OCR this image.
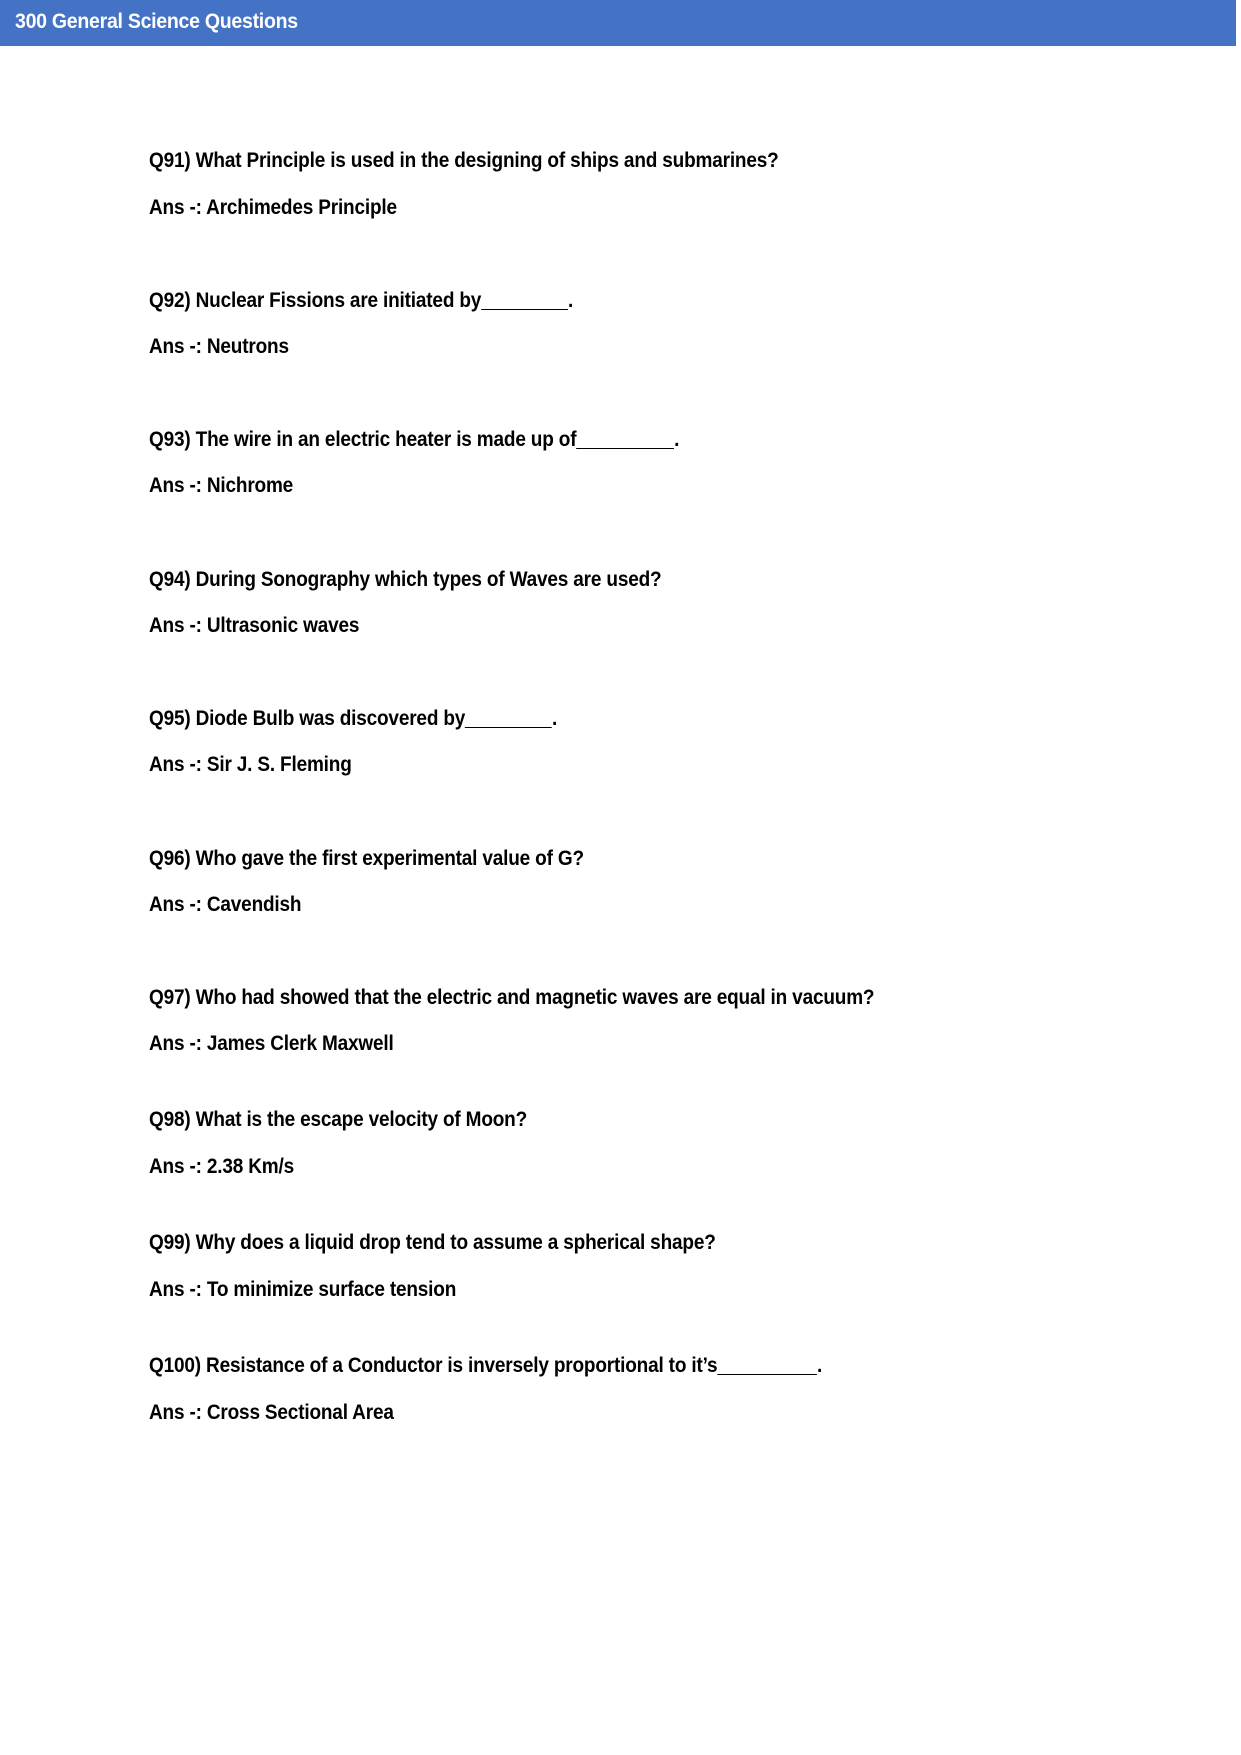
300 General Science Questions
Q91) What Principle is used in the designing of ships and submarines?
Ans -: Archimedes Principle
Q92) Nuclear Fissions are initiated by	.
Ans -: Neutrons
Q93) The wire in an electric heater is made up of	.
Ans -: Nichrome
Q94) During Sonography which types of Waves are used?
Ans -: Ultrasonic waves
Q95) Diode Bulb was discovered by	.
Ans -: Sir J. S. Fleming
Q96) Who gave the first experimental value of G?
Ans -: Cavendish
Q97) Who had showed that the electric and magnetic waves are equal in vacuum?
Ans -: James Clerk Maxwell
Q98) What is the escape velocity of Moon?
Ans -: 2.38 Km/s
Q99) Why does a liquid drop tend to assume a spherical shape?
Ans -: To minimize surface tension
Q100) Resistance of a Conductor is inversely proportional to it’s	.
Ans -: Cross Sectional Area
